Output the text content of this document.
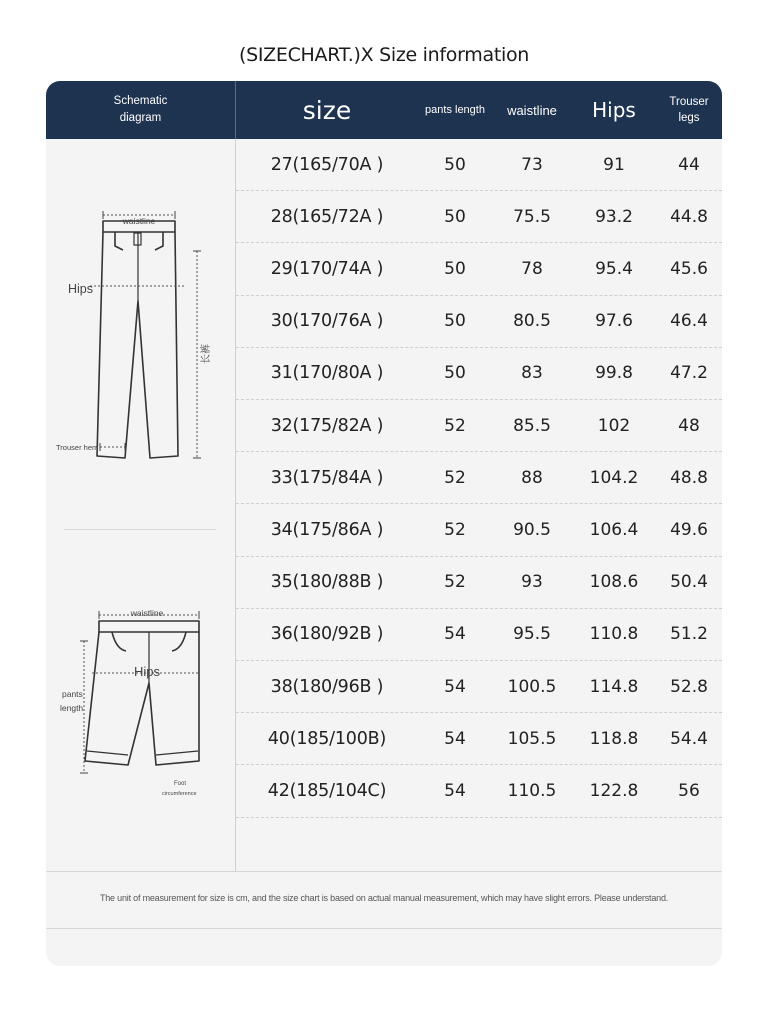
(SIZECHART.)X Size information
Schematic diagram	size	pants length	waistline	Hips	Trouser legs
27(165/70A )	50	73	91	44
28(165/72A )	50	75.5	93.2	44.8
29(170/74A )	50	78	95.4	45.6
30(170/76A )	50	80.5	97.6	46.4
31(170/80A )	50	83	99.8	47.2
32(175/82A )	52	85.5	102	48
33(175/84A )	52	88	104.2	48.8
34(175/86A )	52	90.5	106.4	49.6
35(180/88B )	52	93	108.6	50.4
36(180/92B )	54	95.5	110.8	51.2
38(180/96B )	54	100.5	114.8	52.8
40(185/100B)	54	105.5	118.8	54.4
42(185/104C)	54	110.5	122.8	56
The unit of measurement for size is cm, and the size chart is based on actual manual measurement, which may have slight errors. Please understand.
waistline
Hips
长裤
Trouser hem
waistline
Hips
pants
length
Foot
circumference
